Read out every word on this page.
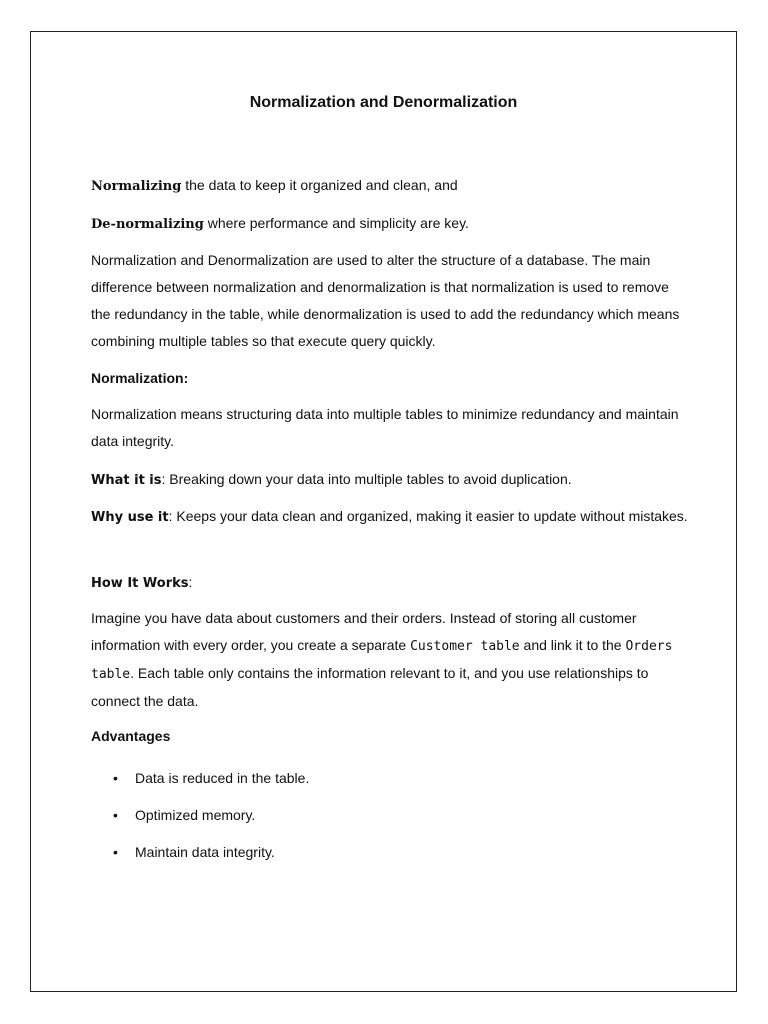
Normalization and Denormalization

Normalizing the data to keep it organized and clean, and

De-normalizing where performance and simplicity are key.

Normalization and Denormalization are used to alter the structure of a database. The main difference between normalization and denormalization is that normalization is used to remove the redundancy in the table, while denormalization is used to add the redundancy which means combining multiple tables so that execute query quickly.

Normalization:

Normalization means structuring data into multiple tables to minimize redundancy and maintain data integrity.

What it is: Breaking down your data into multiple tables to avoid duplication.

Why use it: Keeps your data clean and organized, making it easier to update without mistakes.

How It Works:

Imagine you have data about customers and their orders. Instead of storing all customer information with every order, you create a separate Customer table and link it to the Orders table. Each table only contains the information relevant to it, and you use relationships to connect the data.

Advantages

• Data is reduced in the table.
• Optimized memory.
• Maintain data integrity.
